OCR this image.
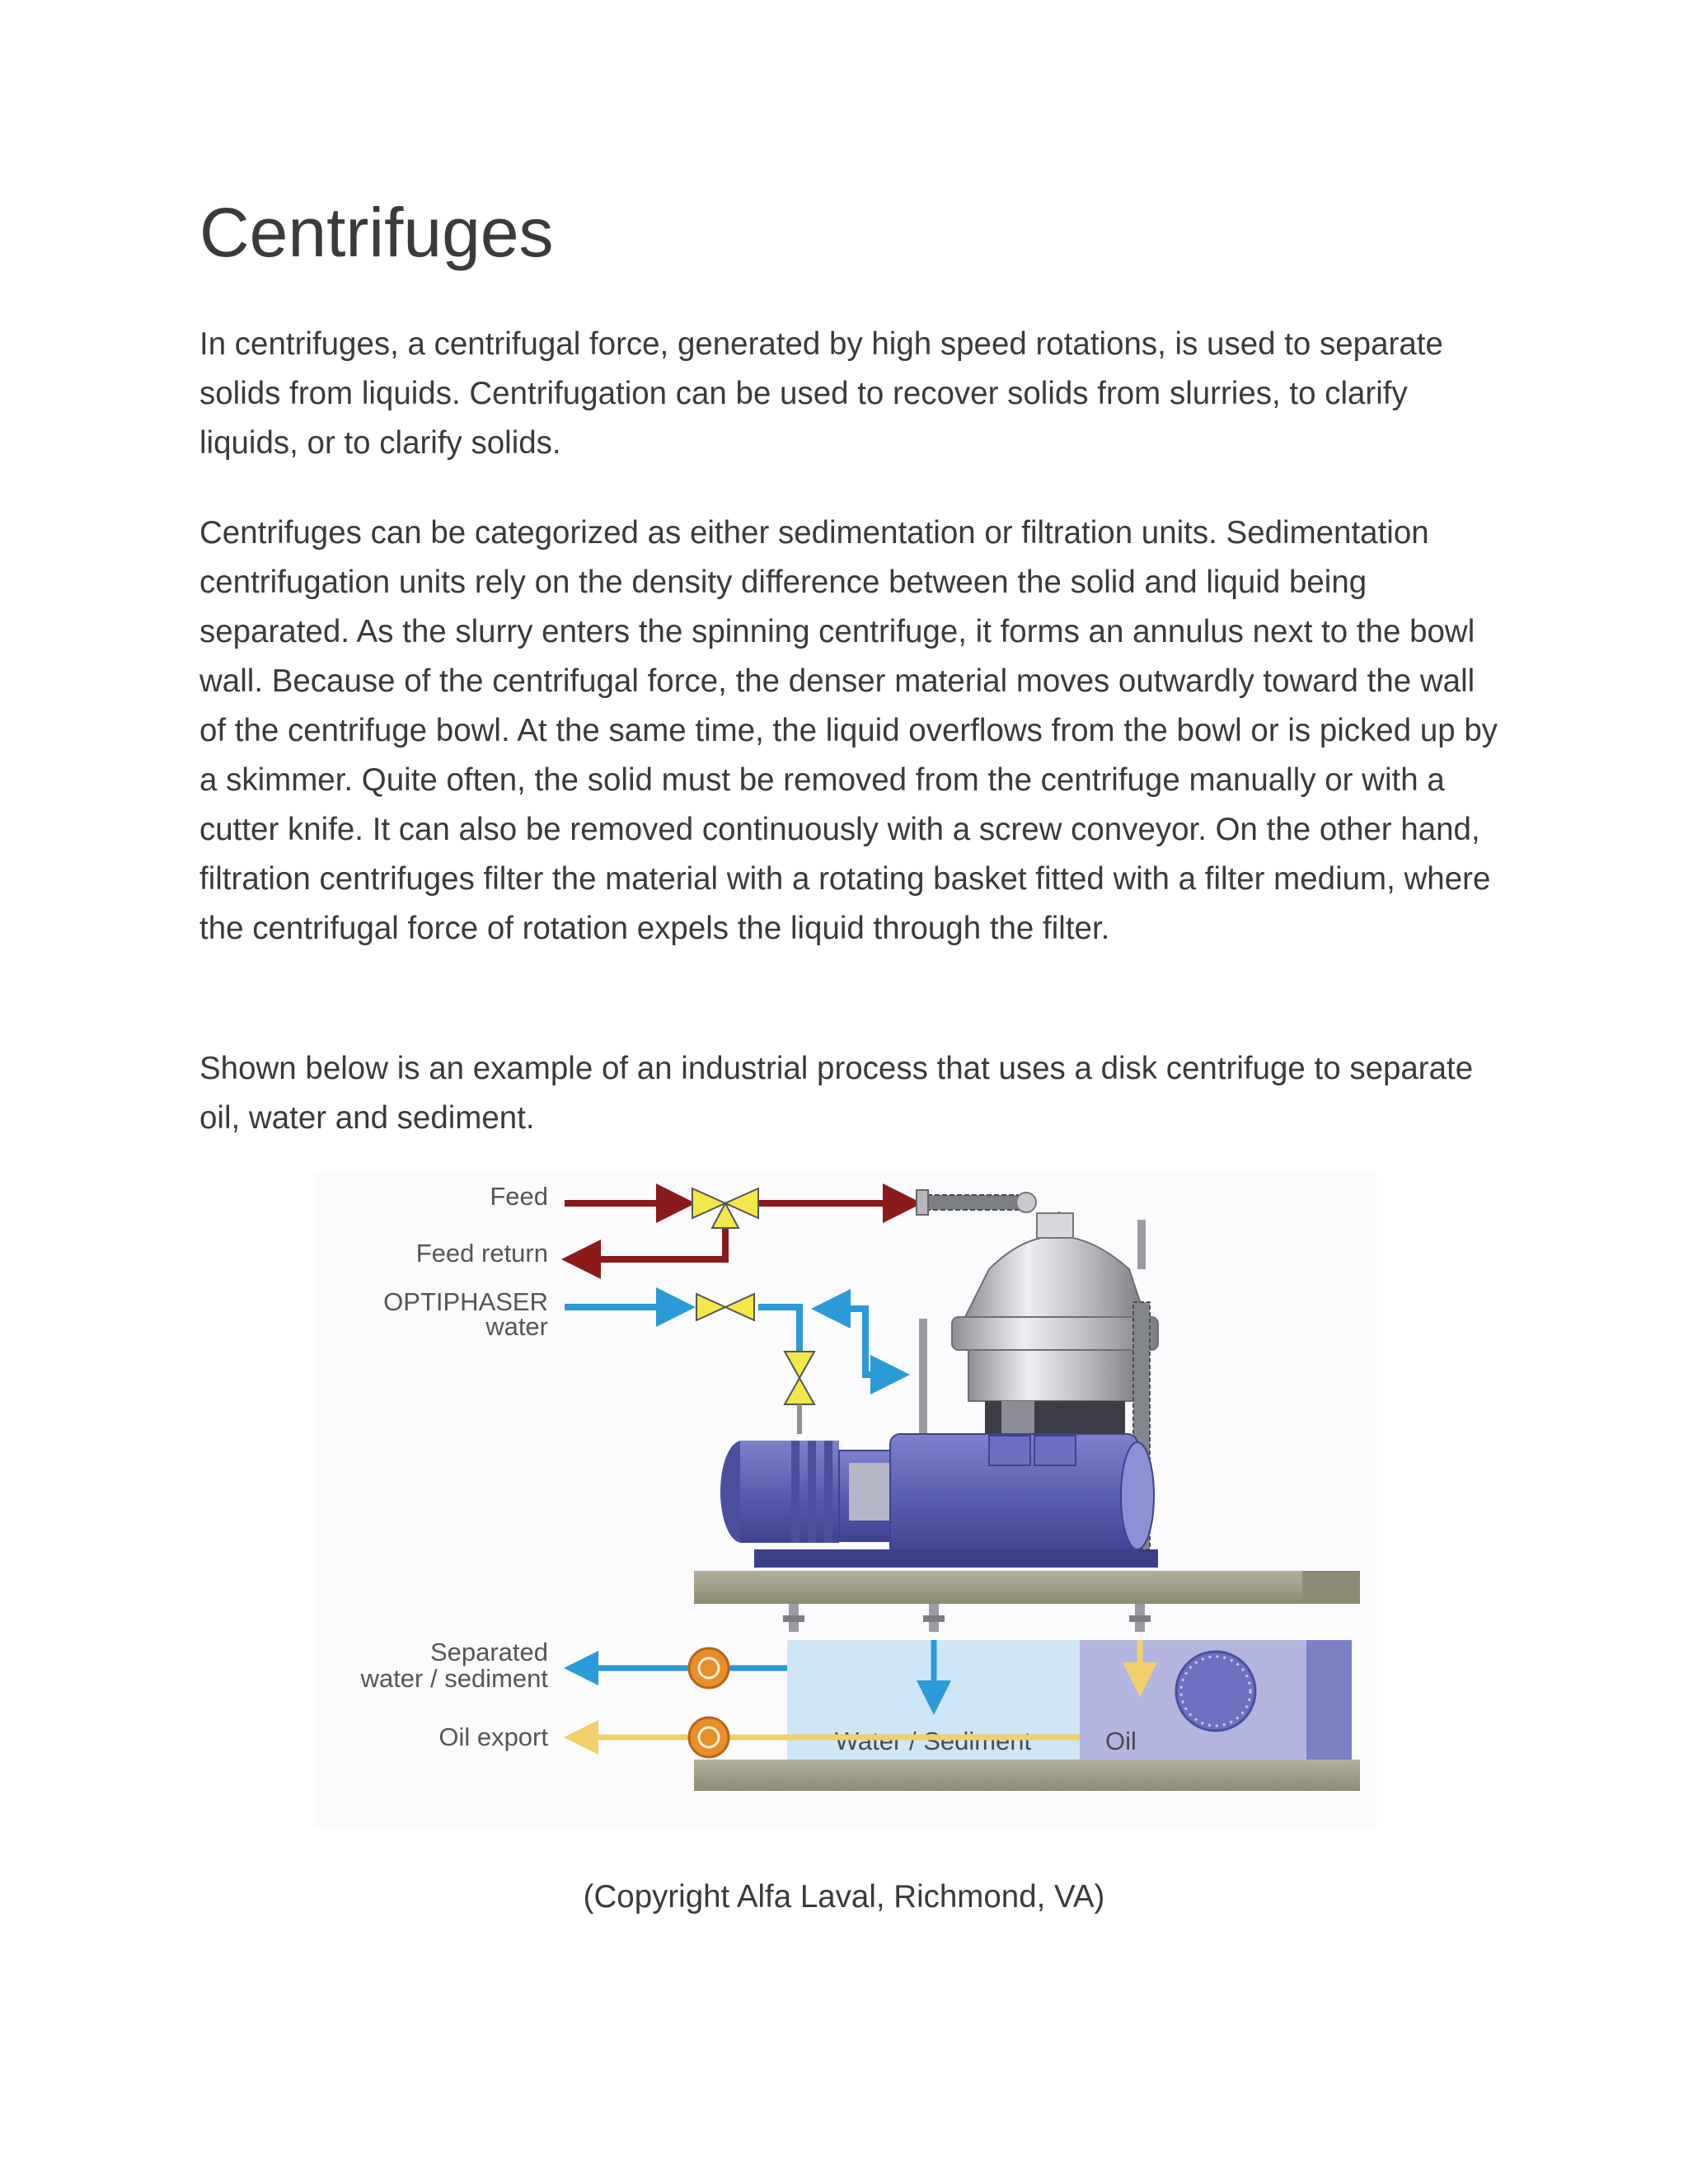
Centrifuges

In centrifuges, a centrifugal force, generated by high speed rotations, is used to separate solids from liquids. Centrifugation can be used to recover solids from slurries, to clarify liquids, or to clarify solids.

Centrifuges can be categorized as either sedimentation or filtration units. Sedimentation centrifugation units rely on the density difference between the solid and liquid being separated. As the slurry enters the spinning centrifuge, it forms an annulus next to the bowl wall. Because of the centrifugal force, the denser material moves outwardly toward the wall of the centrifuge bowl. At the same time, the liquid overflows from the bowl or is picked up by a skimmer. Quite often, the solid must be removed from the centrifuge manually or with a cutter knife. It can also be removed continuously with a screw conveyor. On the other hand, filtration centrifuges filter the material with a rotating basket fitted with a filter medium, where the centrifugal force of rotation expels the liquid through the filter.

Shown below is an example of an industrial process that uses a disk centrifuge to separate oil, water and sediment.

Feed
Feed return
OPTIPHASER
water
Separated
water / sediment
Oil export	Water / Sediment	Oil

(Copyright Alfa Laval, Richmond, VA)
